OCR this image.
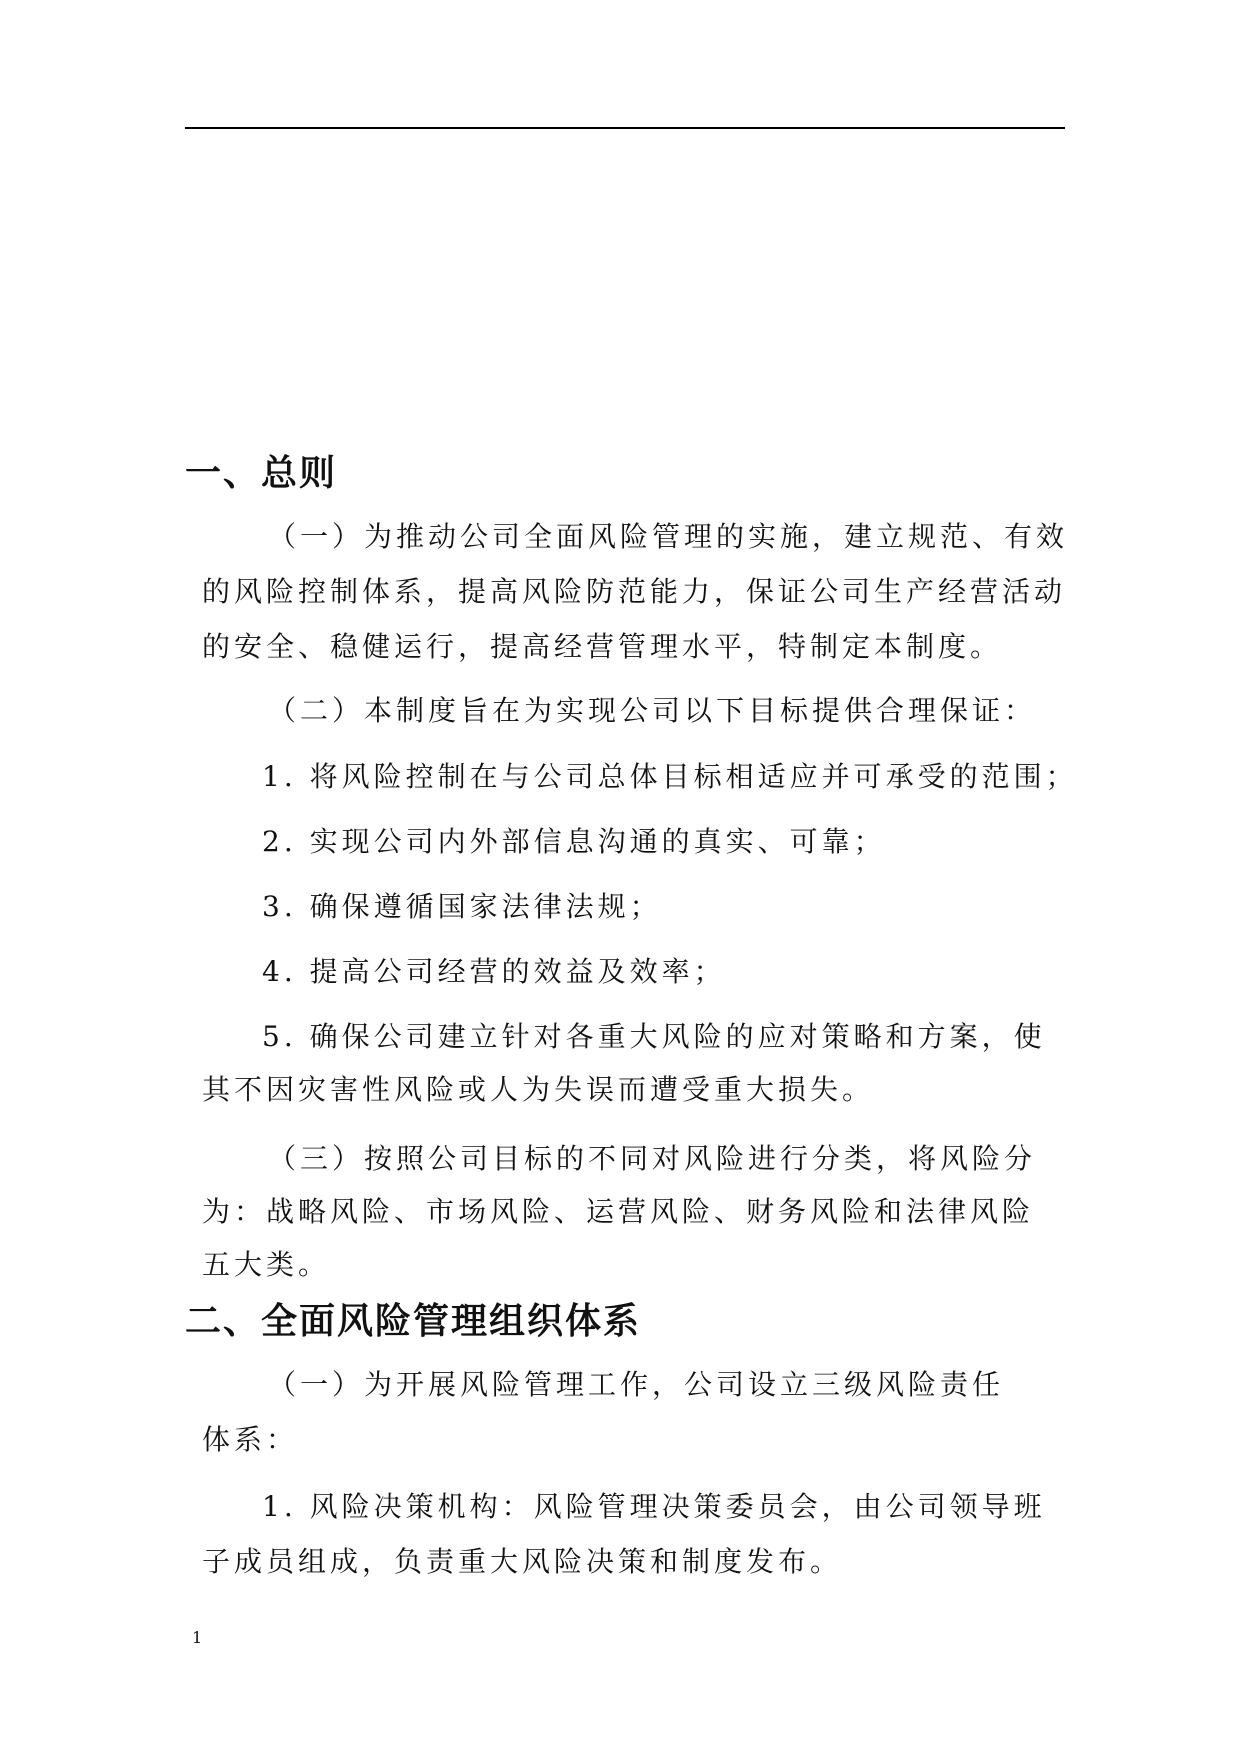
一、总则

（一）为推动公司全面风险管理的实施，建立规范、有效

的风险控制体系，提高风险防范能力，保证公司生产经营活动

的安全、稳健运行，提高经营管理水平，特制定本制度。

（二）本制度旨在为实现公司以下目标提供合理保证：

1. 将风险控制在与公司总体目标相适应并可承受的范围；

2. 实现公司内外部信息沟通的真实、可靠；

3. 确保遵循国家法律法规；

4. 提高公司经营的效益及效率；

5. 确保公司建立针对各重大风险的应对策略和方案，使

其不因灾害性风险或人为失误而遭受重大损失。

（三）按照公司目标的不同对风险进行分类，将风险分

为：战略风险、市场风险、运营风险、财务风险和法律风险

五大类。

二、全面风险管理组织体系

（一）为开展风险管理工作，公司设立三级风险责任

体系：

1. 风险决策机构：风险管理决策委员会，由公司领导班

子成员组成，负责重大风险决策和制度发布。

1
